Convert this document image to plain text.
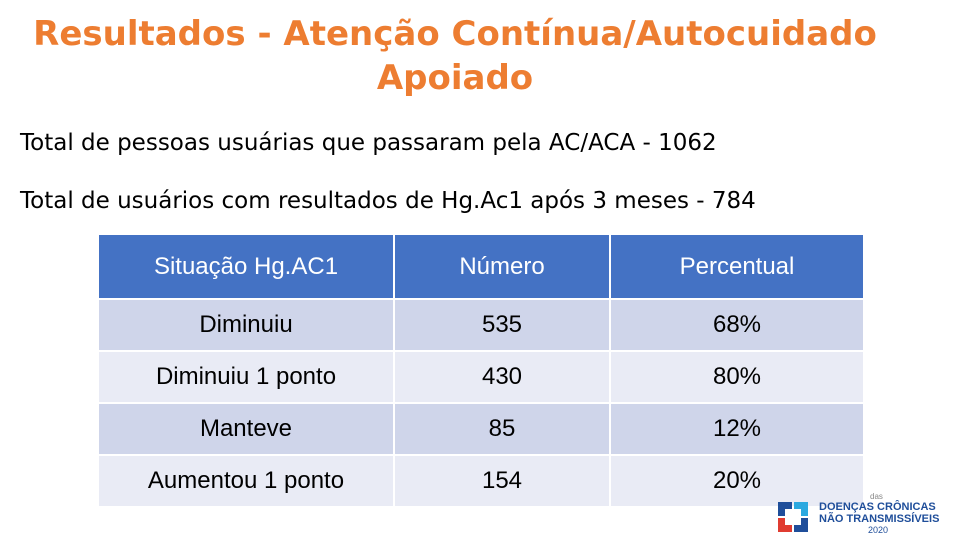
Resultados - Atenção Contínua/Autocuidado
Apoiado
Total de pessoas usuárias que passaram pela AC/ACA - 1062
Total de usuários com resultados de Hg.Ac1 após 3 meses - 784
Situação Hg.AC1	Número	Percentual
Diminuiu	535	68%
Diminuiu 1 ponto	430	80%
Manteve	85	12%
Aumentou 1 ponto	154	20%
das
DOENÇAS CRÔNICAS
NÃO TRANSMISSÍVEIS
2020
